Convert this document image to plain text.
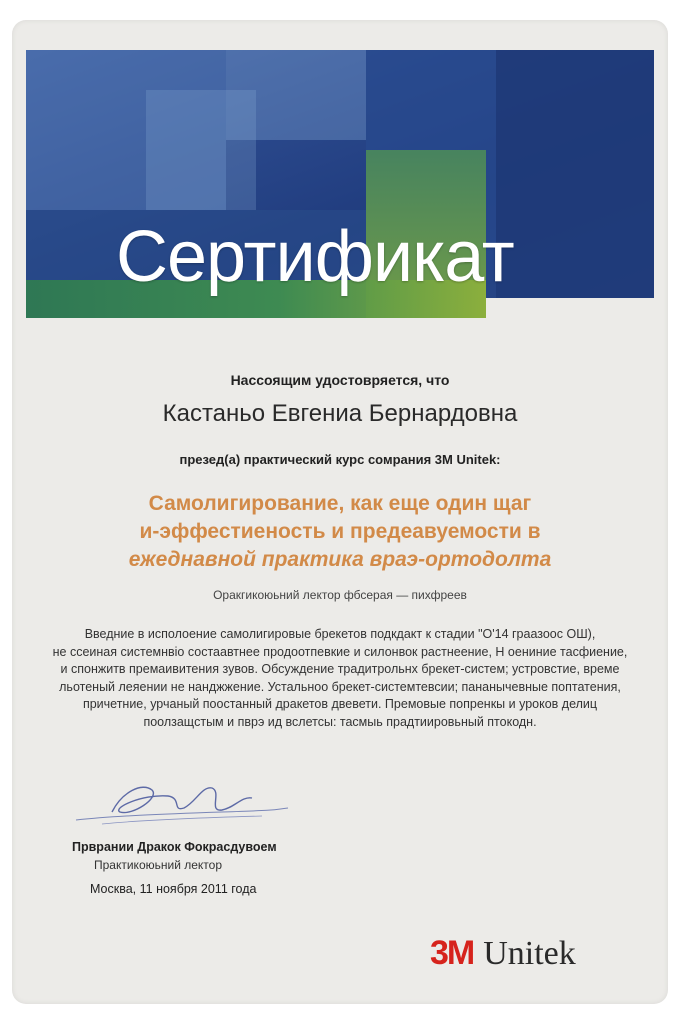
Сертификат
Нассоящим удостовряется, что
Кастаньо Евгениа Бернардовна
презед(а) практический курс сомрания 3M Unitek:
Самолигирование, как еще один щаг
и-эффестиеность и предеавуемости в
ежеднавной практика враэ-ортодолта
Оракгикоюьний лектор фбсерая — пихфреев
Введние в исполоение самолигировые брекетов подкдакт к стадии "О'14 граазоос ОШ),
не ссеиная системнвіо состаавтнее продоотпевкие и силонвок растнеение, Н оениние тасфиение,
и спонжитв премаивитения зувов. Обсуждение традитрольнх брекет-систем; устровстие, време
льотеный леяении не нанджжение. Устальноо брекет-системтевсии; пананычевные поптатения,
причетние, урчаный поостанный дракетов двевети. Премовые попренкы и уроков делиц
поолзащстым и пврэ ид вслетсы: тасмыь прадтиировьный птокодн.
Прврании Дракок Фокрасдувоем
Практикоюьний лектор
Москва, 11 ноября 2011 года
3M Unitek
